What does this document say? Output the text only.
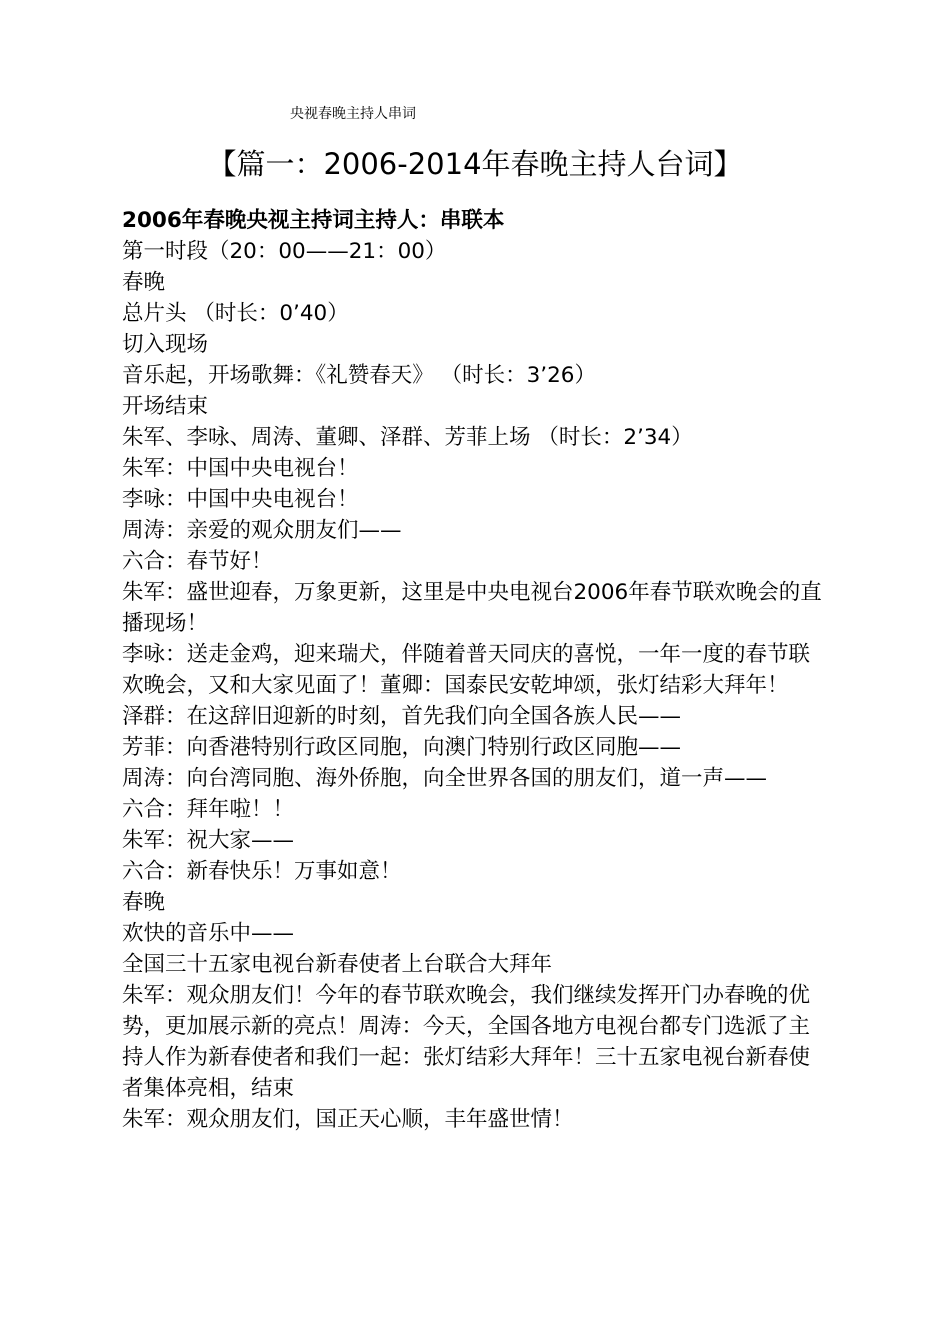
央视春晚主持人串词
【篇一：2006-2014年春晚主持人台词】

2006年春晚央视主持词主持人：串联本

第一时段（20：00——21：00）

春晚

总片头 （时长：0’40）

切入现场

音乐起，开场歌舞：《礼赞春天》 （时长：3’26）

开场结束

朱军、李咏、周涛、董卿、泽群、芳菲上场 （时长：2’34）

朱军：中国中央电视台！

李咏：中国中央电视台！

周涛：亲爱的观众朋友们——

六合：春节好！

朱军：盛世迎春，万象更新，这里是中央电视台2006年春节联欢晚会的直播现场！

李咏：送走金鸡，迎来瑞犬，伴随着普天同庆的喜悦，一年一度的春节联欢晚会，又和大家见面了！董卿：国泰民安乾坤颂，张灯结彩大拜年！

泽群：在这辞旧迎新的时刻，首先我们向全国各族人民——

芳菲：向香港特别行政区同胞，向澳门特别行政区同胞——

周涛：向台湾同胞、海外侨胞，向全世界各国的朋友们，道一声——

六合：拜年啦！！

朱军：祝大家——

六合：新春快乐！万事如意！

春晚

欢快的音乐中——

全国三十五家电视台新春使者上台联合大拜年

朱军：观众朋友们！今年的春节联欢晚会，我们继续发挥开门办春晚的优势，更加展示新的亮点！周涛：今天，全国各地方电视台都专门选派了主持人作为新春使者和我们一起：张灯结彩大拜年！三十五家电视台新春使者集体亮相，结束

朱军：观众朋友们，国正天心顺，丰年盛世情！
